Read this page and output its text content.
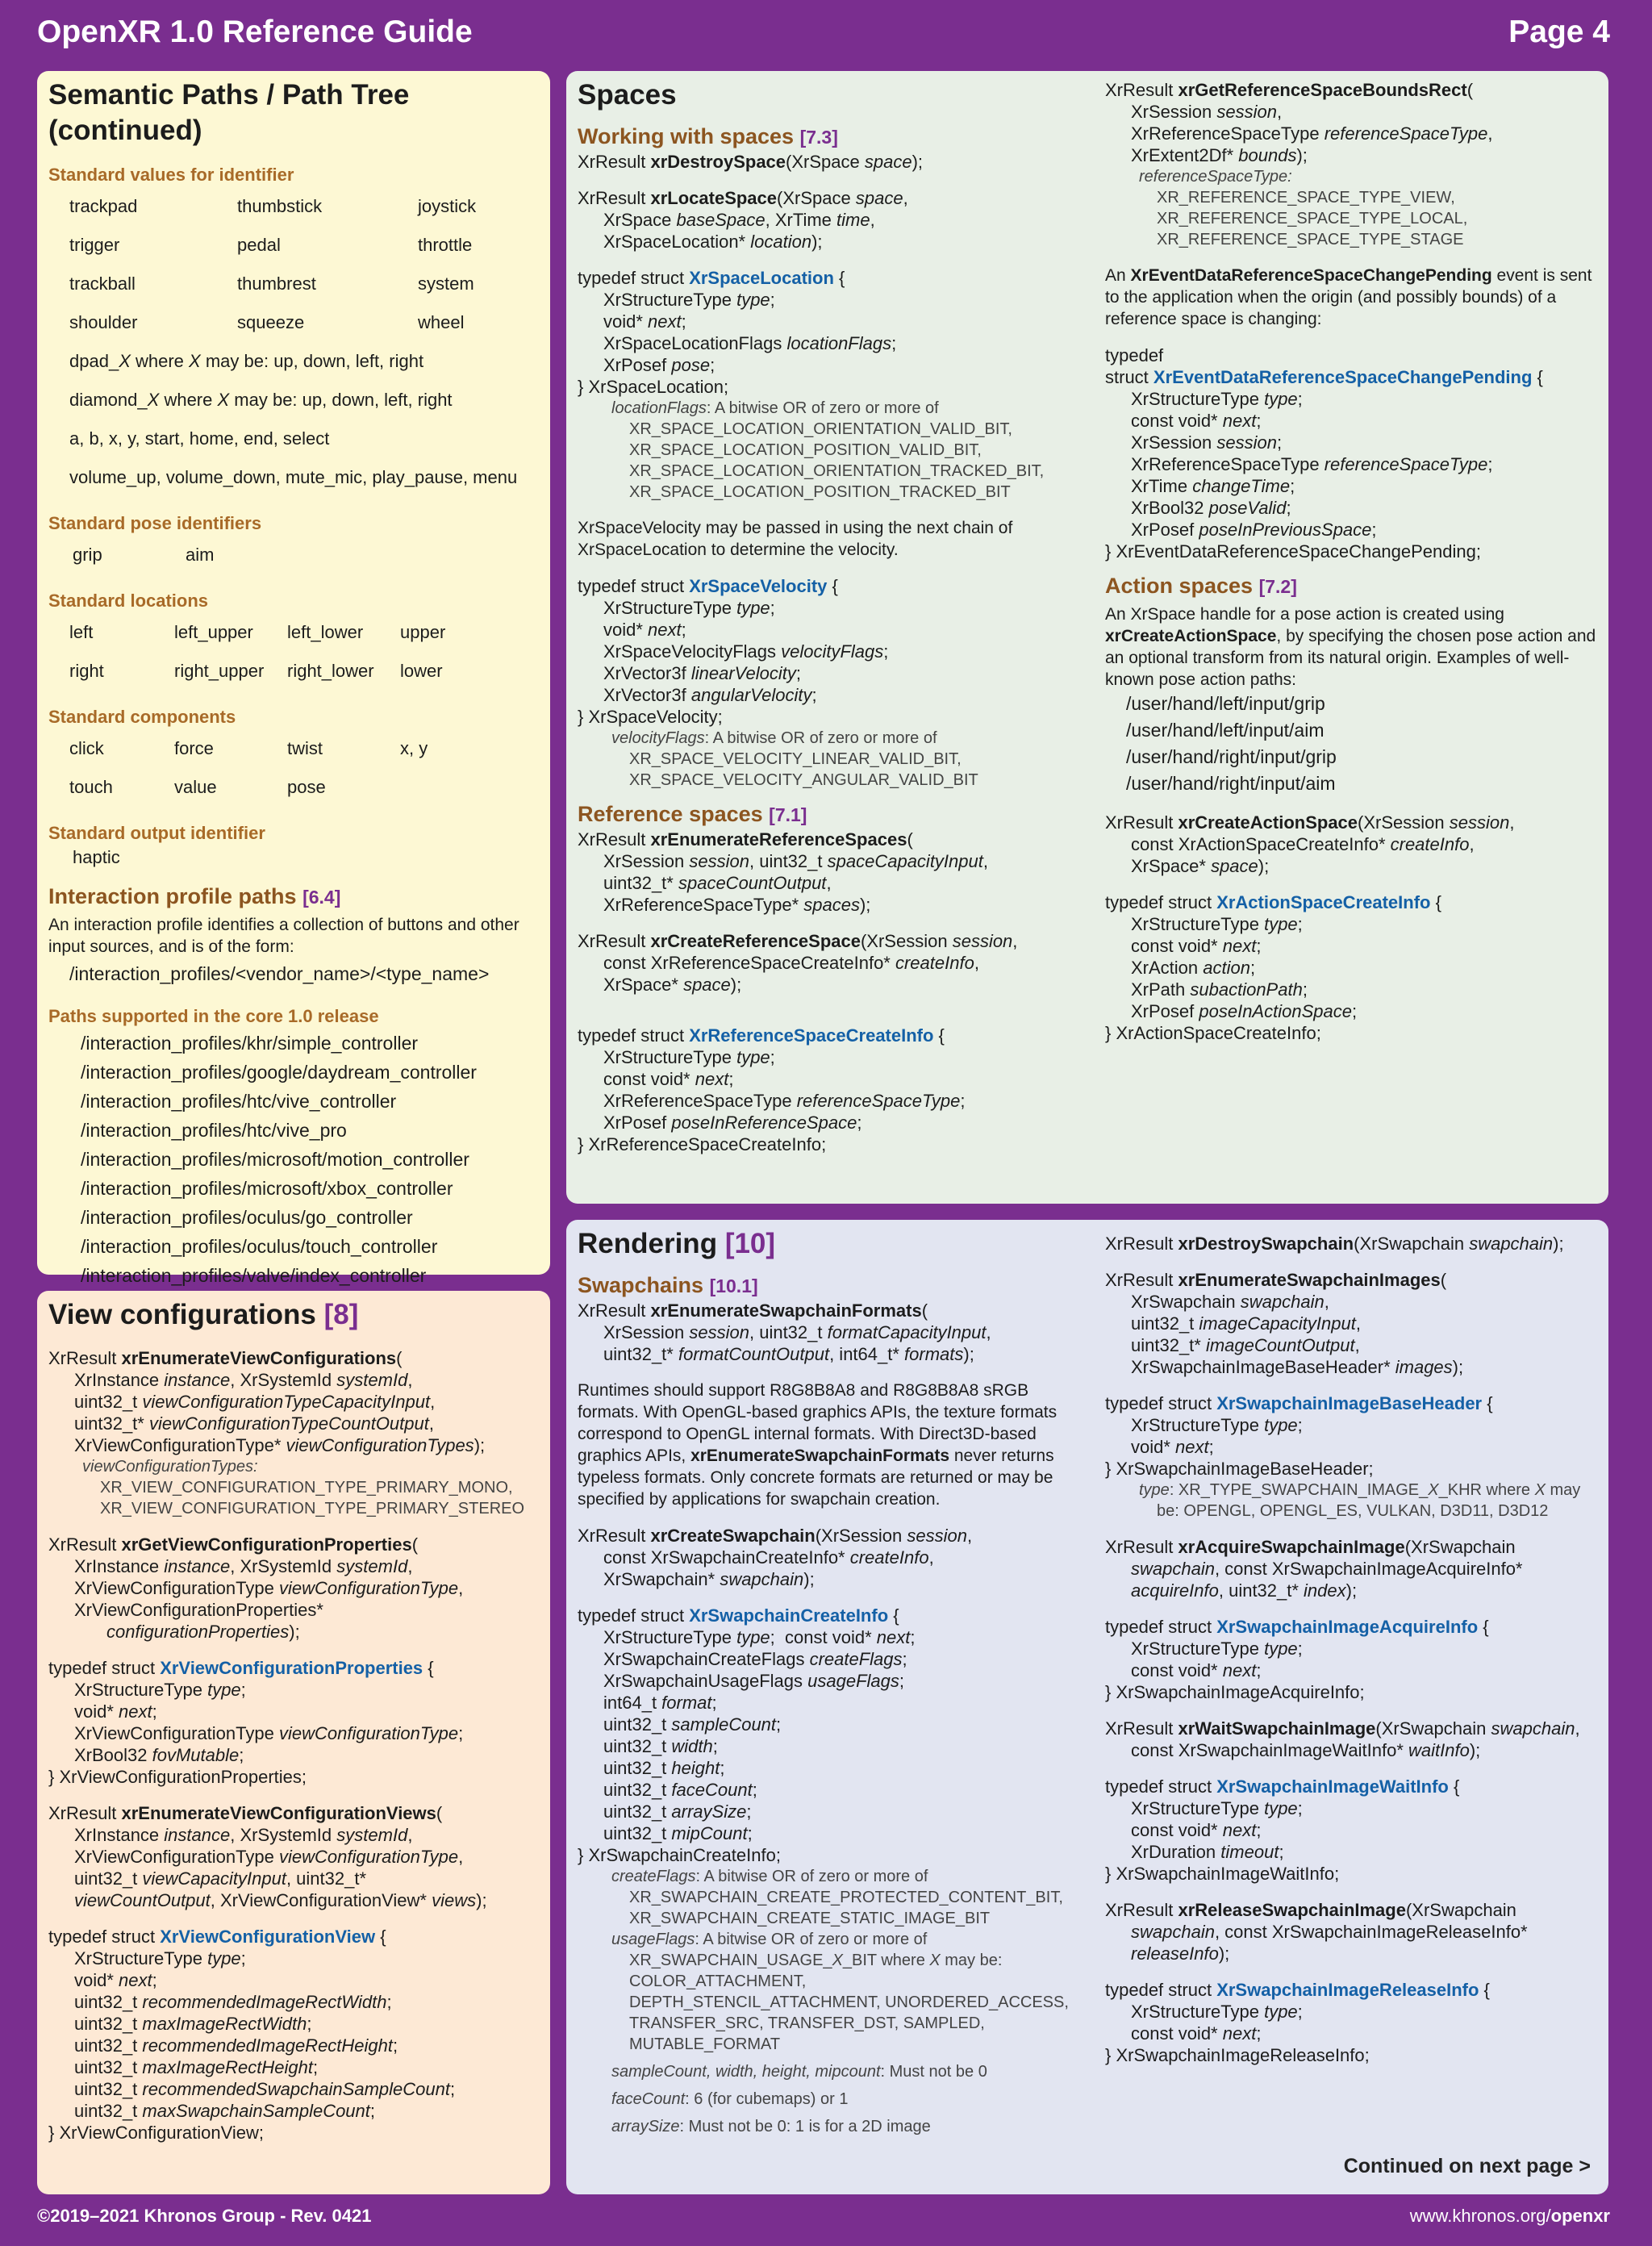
OpenXR 1.0 Reference Guide	Page 4
Semantic Paths / Path Tree (continued)
Standard values for identifier
trackpad	thumbstick	joystick
trigger	pedal	throttle
trackball	thumbrest	system
shoulder	squeeze	wheel
dpad_X where X may be: up, down, left, right
diamond_X where X may be: up, down, left, right
a, b, x, y, start, home, end, select
volume_up, volume_down, mute_mic, play_pause, menu
Standard pose identifiers
grip	aim
Standard locations
left	left_upper	left_lower	upper
right	right_upper	right_lower	lower
Standard components
click	force	twist	x, y
touch	value	pose
Standard output identifier
haptic
Interaction profile paths [6.4]
An interaction profile identifies a collection of buttons and other input sources, and is of the form:
/interaction_profiles/<vendor_name>/<type_name>
Paths supported in the core 1.0 release
/interaction_profiles/khr/simple_controller
/interaction_profiles/google/daydream_controller
/interaction_profiles/htc/vive_controller
/interaction_profiles/htc/vive_pro
/interaction_profiles/microsoft/motion_controller
/interaction_profiles/microsoft/xbox_controller
/interaction_profiles/oculus/go_controller
/interaction_profiles/oculus/touch_controller
/interaction_profiles/valve/index_controller
View configurations [8]
XrResult xrEnumerateViewConfigurations(
XrInstance instance, XrSystemId systemId,
uint32_t viewConfigurationTypeCapacityInput,
uint32_t* viewConfigurationTypeCountOutput,
XrViewConfigurationType* viewConfigurationTypes);
viewConfigurationTypes:
XR_VIEW_CONFIGURATION_TYPE_PRIMARY_MONO,
XR_VIEW_CONFIGURATION_TYPE_PRIMARY_STEREO
XrResult xrGetViewConfigurationProperties(
XrInstance instance, XrSystemId systemId,
XrViewConfigurationType viewConfigurationType,
XrViewConfigurationProperties*
configurationProperties);
typedef struct XrViewConfigurationProperties {
XrStructureType type;
void* next;
XrViewConfigurationType viewConfigurationType;
XrBool32 fovMutable;
} XrViewConfigurationProperties;
XrResult xrEnumerateViewConfigurationViews(
XrInstance instance, XrSystemId systemId,
XrViewConfigurationType viewConfigurationType,
uint32_t viewCapacityInput, uint32_t*
viewCountOutput, XrViewConfigurationView* views);
typedef struct XrViewConfigurationView {
XrStructureType type;
void* next;
uint32_t recommendedImageRectWidth;
uint32_t maxImageRectWidth;
uint32_t recommendedImageRectHeight;
uint32_t maxImageRectHeight;
uint32_t recommendedSwapchainSampleCount;
uint32_t maxSwapchainSampleCount;
} XrViewConfigurationView;
Spaces
Working with spaces [7.3]
XrResult xrDestroySpace(XrSpace space);
XrResult xrLocateSpace(XrSpace space,
XrSpace baseSpace, XrTime time,
XrSpaceLocation* location);
typedef struct XrSpaceLocation {
XrStructureType type;
void* next;
XrSpaceLocationFlags locationFlags;
XrPosef pose;
} XrSpaceLocation;
locationFlags: A bitwise OR of zero or more of
XR_SPACE_LOCATION_ORIENTATION_VALID_BIT,
XR_SPACE_LOCATION_POSITION_VALID_BIT,
XR_SPACE_LOCATION_ORIENTATION_TRACKED_BIT,
XR_SPACE_LOCATION_POSITION_TRACKED_BIT
XrSpaceVelocity may be passed in using the next chain of XrSpaceLocation to determine the velocity.
typedef struct XrSpaceVelocity {
XrStructureType type;
void* next;
XrSpaceVelocityFlags velocityFlags;
XrVector3f linearVelocity;
XrVector3f angularVelocity;
} XrSpaceVelocity;
velocityFlags: A bitwise OR of zero or more of
XR_SPACE_VELOCITY_LINEAR_VALID_BIT,
XR_SPACE_VELOCITY_ANGULAR_VALID_BIT
Reference spaces [7.1]
XrResult xrEnumerateReferenceSpaces(
XrSession session, uint32_t spaceCapacityInput,
uint32_t* spaceCountOutput,
XrReferenceSpaceType* spaces);
XrResult xrCreateReferenceSpace(XrSession session,
const XrReferenceSpaceCreateInfo* createInfo,
XrSpace* space);
typedef struct XrReferenceSpaceCreateInfo {
XrStructureType type;
const void* next;
XrReferenceSpaceType referenceSpaceType;
XrPosef poseInReferenceSpace;
} XrReferenceSpaceCreateInfo;
XrResult xrGetReferenceSpaceBoundsRect(
XrSession session,
XrReferenceSpaceType referenceSpaceType,
XrExtent2Df* bounds);
referenceSpaceType:
XR_REFERENCE_SPACE_TYPE_VIEW,
XR_REFERENCE_SPACE_TYPE_LOCAL,
XR_REFERENCE_SPACE_TYPE_STAGE
An XrEventDataReferenceSpaceChangePending event is sent to the application when the origin (and possibly bounds) of a reference space is changing:
typedef
struct XrEventDataReferenceSpaceChangePending {
XrStructureType type;
const void* next;
XrSession session;
XrReferenceSpaceType referenceSpaceType;
XrTime changeTime;
XrBool32 poseValid;
XrPosef poseInPreviousSpace;
} XrEventDataReferenceSpaceChangePending;
Action spaces [7.2]
An XrSpace handle for a pose action is created using xrCreateActionSpace, by specifying the chosen pose action and an optional transform from its natural origin. Examples of well-known pose action paths:
/user/hand/left/input/grip
/user/hand/left/input/aim
/user/hand/right/input/grip
/user/hand/right/input/aim
XrResult xrCreateActionSpace(XrSession session,
const XrActionSpaceCreateInfo* createInfo,
XrSpace* space);
typedef struct XrActionSpaceCreateInfo {
XrStructureType type;
const void* next;
XrAction action;
XrPath subactionPath;
XrPosef poseInActionSpace;
} XrActionSpaceCreateInfo;
Rendering [10]
Swapchains [10.1]
XrResult xrEnumerateSwapchainFormats(
XrSession session, uint32_t formatCapacityInput,
uint32_t* formatCountOutput, int64_t* formats);
Runtimes should support R8G8B8A8 and R8G8B8A8 sRGB formats. With OpenGL-based graphics APIs, the texture formats correspond to OpenGL internal formats. With Direct3D-based graphics APIs, xrEnumerateSwapchainFormats never returns typeless formats. Only concrete formats are returned or may be specified by applications for swapchain creation.
XrResult xrCreateSwapchain(XrSession session,
const XrSwapchainCreateInfo* createInfo,
XrSwapchain* swapchain);
typedef struct XrSwapchainCreateInfo {
XrStructureType type;  const void* next;
XrSwapchainCreateFlags createFlags;
XrSwapchainUsageFlags usageFlags;
int64_t format;
uint32_t sampleCount;
uint32_t width;
uint32_t height;
uint32_t faceCount;
uint32_t arraySize;
uint32_t mipCount;
} XrSwapchainCreateInfo;
createFlags: A bitwise OR of zero or more of
XR_SWAPCHAIN_CREATE_PROTECTED_CONTENT_BIT,
XR_SWAPCHAIN_CREATE_STATIC_IMAGE_BIT
usageFlags: A bitwise OR of zero or more of
XR_SWAPCHAIN_USAGE_X_BIT where X may be:
COLOR_ATTACHMENT,
DEPTH_STENCIL_ATTACHMENT, UNORDERED_ACCESS,
TRANSFER_SRC, TRANSFER_DST, SAMPLED,
MUTABLE_FORMAT
sampleCount, width, height, mipcount: Must not be 0
faceCount: 6 (for cubemaps) or 1
arraySize: Must not be 0: 1 is for a 2D image
XrResult xrDestroySwapchain(XrSwapchain swapchain);
XrResult xrEnumerateSwapchainImages(
XrSwapchain swapchain,
uint32_t imageCapacityInput,
uint32_t* imageCountOutput,
XrSwapchainImageBaseHeader* images);
typedef struct XrSwapchainImageBaseHeader {
XrStructureType type;
void* next;
} XrSwapchainImageBaseHeader;
type: XR_TYPE_SWAPCHAIN_IMAGE_X_KHR where X may
be: OPENGL, OPENGL_ES, VULKAN, D3D11, D3D12
XrResult xrAcquireSwapchainImage(XrSwapchain
swapchain, const XrSwapchainImageAcquireInfo*
acquireInfo, uint32_t* index);
typedef struct XrSwapchainImageAcquireInfo {
XrStructureType type;
const void* next;
} XrSwapchainImageAcquireInfo;
XrResult xrWaitSwapchainImage(XrSwapchain swapchain,
const XrSwapchainImageWaitInfo* waitInfo);
typedef struct XrSwapchainImageWaitInfo {
XrStructureType type;
const void* next;
XrDuration timeout;
} XrSwapchainImageWaitInfo;
XrResult xrReleaseSwapchainImage(XrSwapchain
swapchain, const XrSwapchainImageReleaseInfo*
releaseInfo);
typedef struct XrSwapchainImageReleaseInfo {
XrStructureType type;
const void* next;
} XrSwapchainImageReleaseInfo;
Continued on next page >
©2019–2021 Khronos Group - Rev. 0421	www.khronos.org/openxr
